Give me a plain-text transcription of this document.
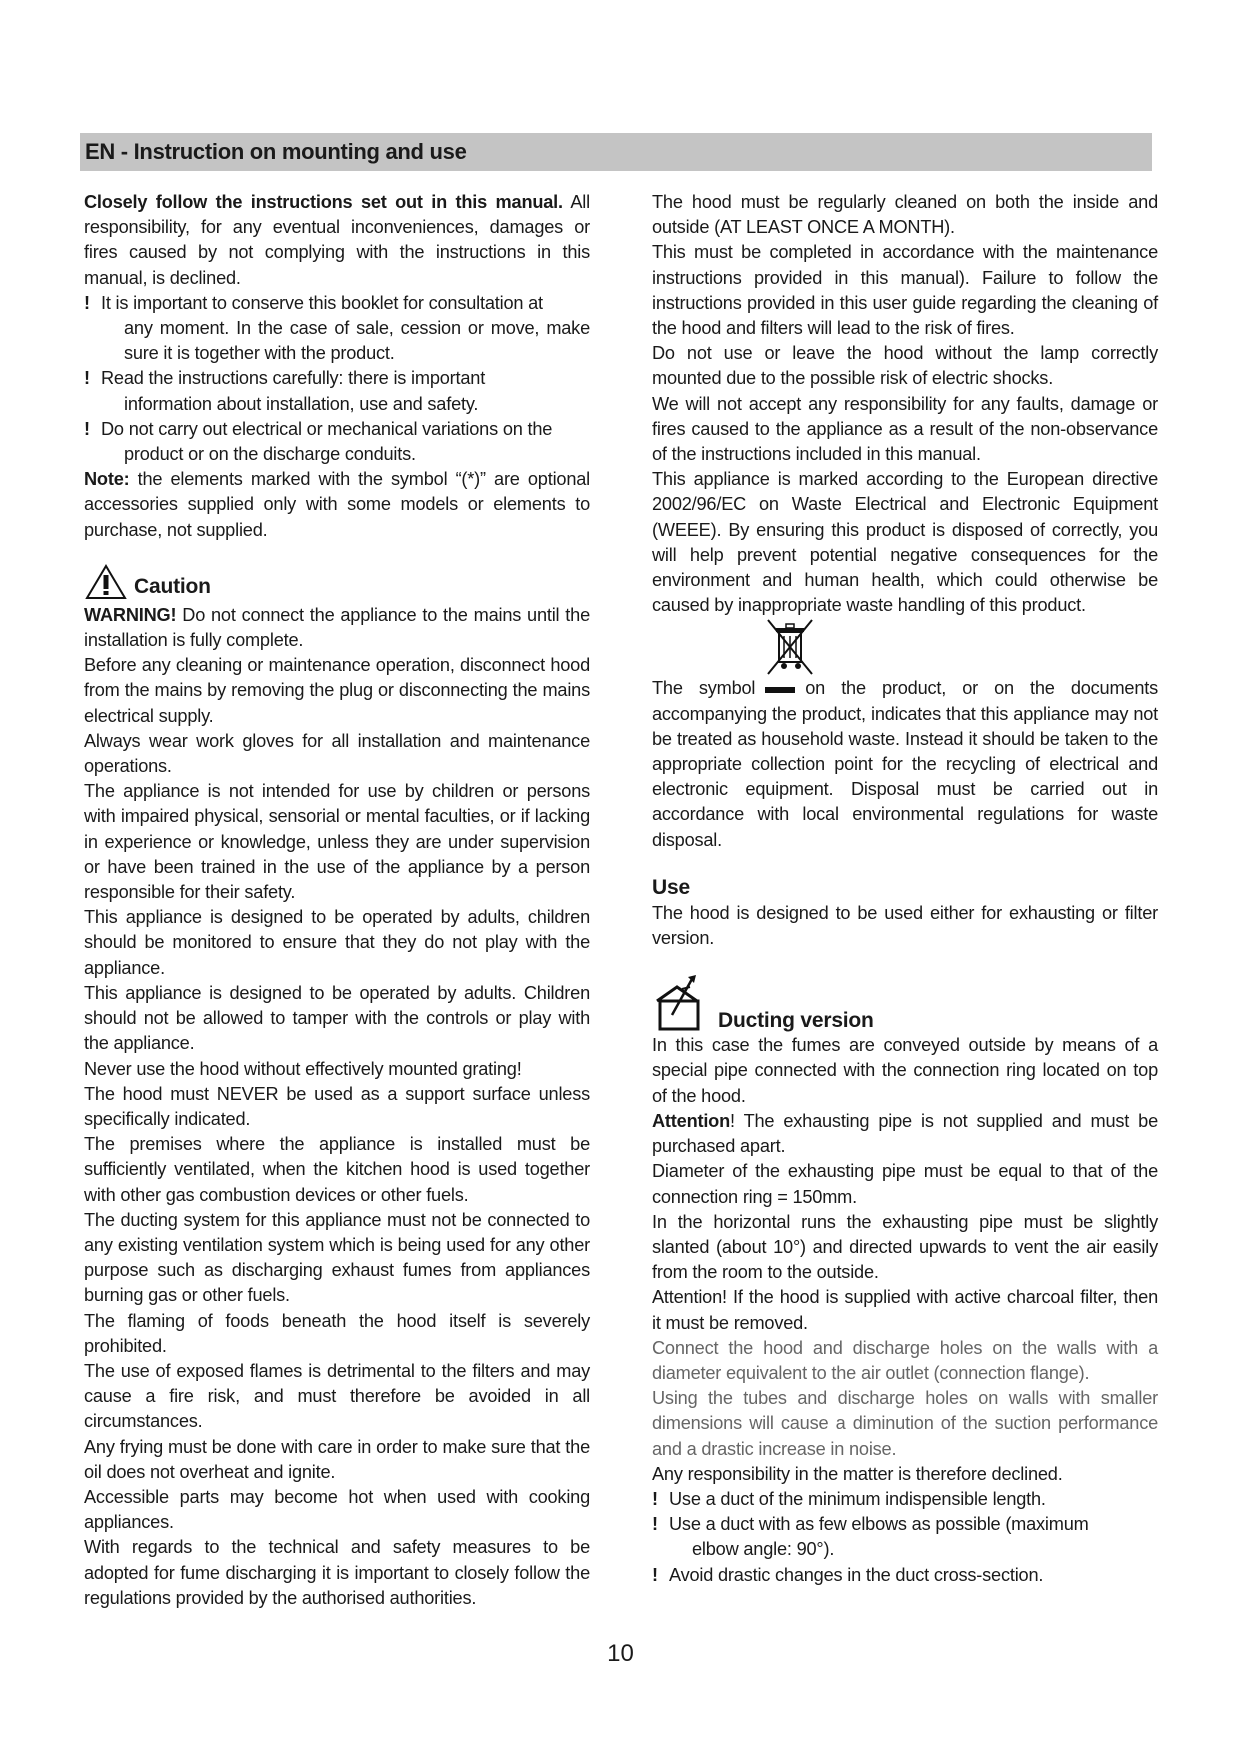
EN - Instruction on mounting and use

Closely follow the instructions set out in this manual. All responsibility, for any eventual inconveniences, damages or fires caused by not complying with the instructions in this manual, is declined.

! It is important to conserve this booklet for consultation at
any moment. In the case of sale, cession or move, make sure it is together with the product.

! Read the instructions carefully: there is important
information about installation, use and safety.

! Do not carry out electrical or mechanical variations on the
product or on the discharge conduits.

Note: the elements marked with the symbol “(*)” are optional accessories supplied only with some models or elements to purchase, not supplied.

Caution

WARNING! Do not connect the appliance to the mains until the installation is fully complete.

Before any cleaning or maintenance operation, disconnect hood from the mains by removing the plug or disconnecting the mains electrical supply.

Always wear work gloves for all installation and maintenance operations.

The appliance is not intended for use by children or persons with impaired physical, sensorial or mental faculties, or if lacking in experience or knowledge, unless they are under supervision or have been trained in the use of the appliance by a person responsible for their safety.

This appliance is designed to be operated by adults, children should be monitored to ensure that they do not play with the appliance.

This appliance is designed to be operated by adults. Children should not be allowed to tamper with the controls or play with the appliance.

Never use the hood without effectively mounted grating!

The hood must NEVER be used as a support surface unless specifically indicated.

The premises where the appliance is installed must be sufficiently ventilated, when the kitchen hood is used together with other gas combustion devices or other fuels.

The ducting system for this appliance must not be connected to any existing ventilation system which is being used for any other purpose such as discharging exhaust fumes from appliances burning gas or other fuels.

The flaming of foods beneath the hood itself is severely prohibited.

The use of exposed flames is detrimental to the filters and may cause a fire risk, and must therefore be avoided in all circumstances.

Any frying must be done with care in order to make sure that the oil does not overheat and ignite.

Accessible parts may become hot when used with cooking appliances.

With regards to the technical and safety measures to be adopted for fume discharging it is important to closely follow the regulations provided by the authorised authorities.

The hood must be regularly cleaned on both the inside and outside (AT LEAST ONCE A MONTH).

This must be completed in accordance with the maintenance instructions provided in this manual). Failure to follow the instructions provided in this user guide regarding the cleaning of the hood and filters will lead to the risk of fires.

Do not use or leave the hood without the lamp correctly mounted due to the possible risk of electric shocks.

We will not accept any responsibility for any faults, damage or fires caused to the appliance as a result of the non-observance of the instructions included in this manual.

This appliance is marked according to the European directive 2002/96/EC on Waste Electrical and Electronic Equipment (WEEE). By ensuring this product is disposed of correctly, you will help prevent potential negative consequences for the environment and human health, which could otherwise be caused by inappropriate waste handling of this product.

The symbol	on the product, or on the documents accompanying the product, indicates that this appliance may not be treated as household waste. Instead it should be taken to the appropriate collection point for the recycling of electrical and electronic equipment. Disposal must be carried out in accordance with local environmental regulations for waste disposal.

Use

The hood is designed to be used either for exhausting or filter version.

Ducting version

In this case the fumes are conveyed outside by means of a special pipe connected with the connection ring located on top of the hood.

Attention! The exhausting pipe is not supplied and must be purchased apart.

Diameter of the exhausting pipe must be equal to that of the connection ring = 150mm.

In the horizontal runs the exhausting pipe must be slightly slanted (about 10°) and directed upwards to vent the air easily from the room to the outside.

Attention! If the hood is supplied with active charcoal filter, then it must be removed.

Connect the hood and discharge holes on the walls with a diameter equivalent to the air outlet (connection flange).

Using the tubes and discharge holes on walls with smaller dimensions will cause a diminution of the suction performance and a drastic increase in noise.

Any responsibility in the matter is therefore declined.

! Use a duct of the minimum indispensible length.

! Use a duct with as few elbows as possible (maximum
elbow angle: 90°).

! Avoid drastic changes in the duct cross-section.

10
